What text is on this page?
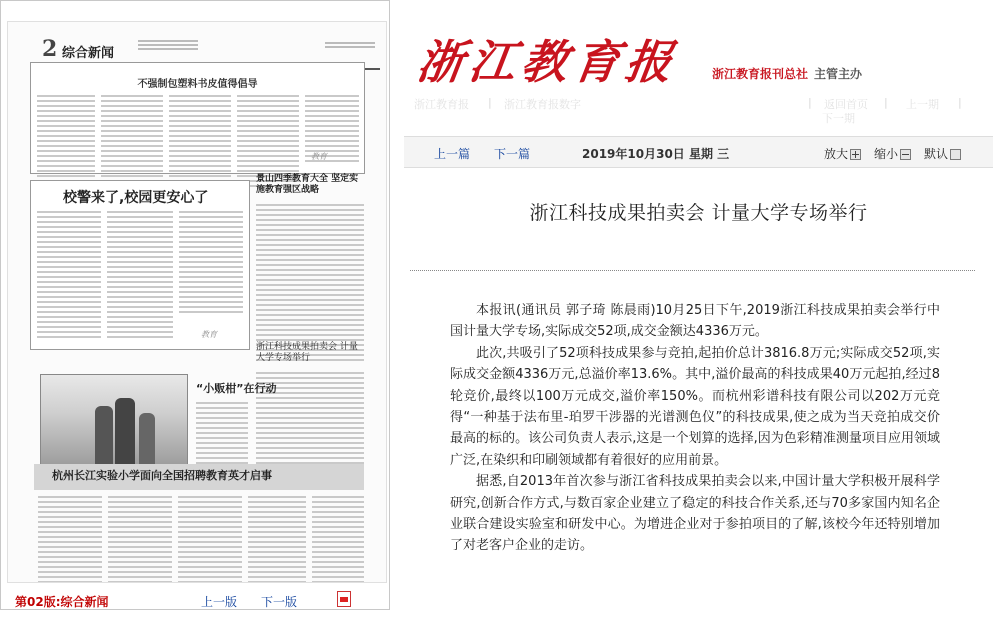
2 综合新闻
不强制包塑料书皮值得倡导
教育
校警来了,校园更安心了
教育
景山四季教育大全 坚定实施教育强区战略
浙江科技成果拍卖会 计量大学专场举行
“小贩柑”在行动
杭州长江实验小学面向全国招聘教育英才启事
第02版:综合新闻	上一版 下一版
浙江教育报	浙江教育报刊总社 主管主办
浙江教育报 | 浙江教育报数字	| 返回首页 | 上一期 |
下一期
上一篇 下一篇	2019年10月30日 星期 三	放大	缩小	默认
浙江科技成果拍卖会 计量大学专场举行

本报讯(通讯员 郭子琦 陈晨雨)10月25日下午,2019浙江科技成果拍卖会举行中国计量大学专场,实际成交52项,成交金额达4336万元。

此次,共吸引了52项科技成果参与竞拍,起拍价总计3816.8万元;实际成交52项,实际成交金额4336万元,总溢价率13.6%。其中,溢价最高的科技成果40万元起拍,经过8轮竞价,最终以100万元成交,溢价率150%。而杭州彩谱科技有限公司以202万元竞得“一种基于法布里-珀罗干涉器的光谱测色仪”的科技成果,使之成为当天竞拍成交价最高的标的。该公司负责人表示,这是一个划算的选择,因为色彩精准测量项目应用领域广泛,在染织和印刷领域都有着很好的应用前景。

据悉,自2013年首次参与浙江省科技成果拍卖会以来,中国计量大学积极开展科学研究,创新合作方式,与数百家企业建立了稳定的科技合作关系,还与70多家国内知名企业联合建设实验室和研发中心。为增进企业对于参拍项目的了解,该校今年还特别增加了对老客户企业的走访。
